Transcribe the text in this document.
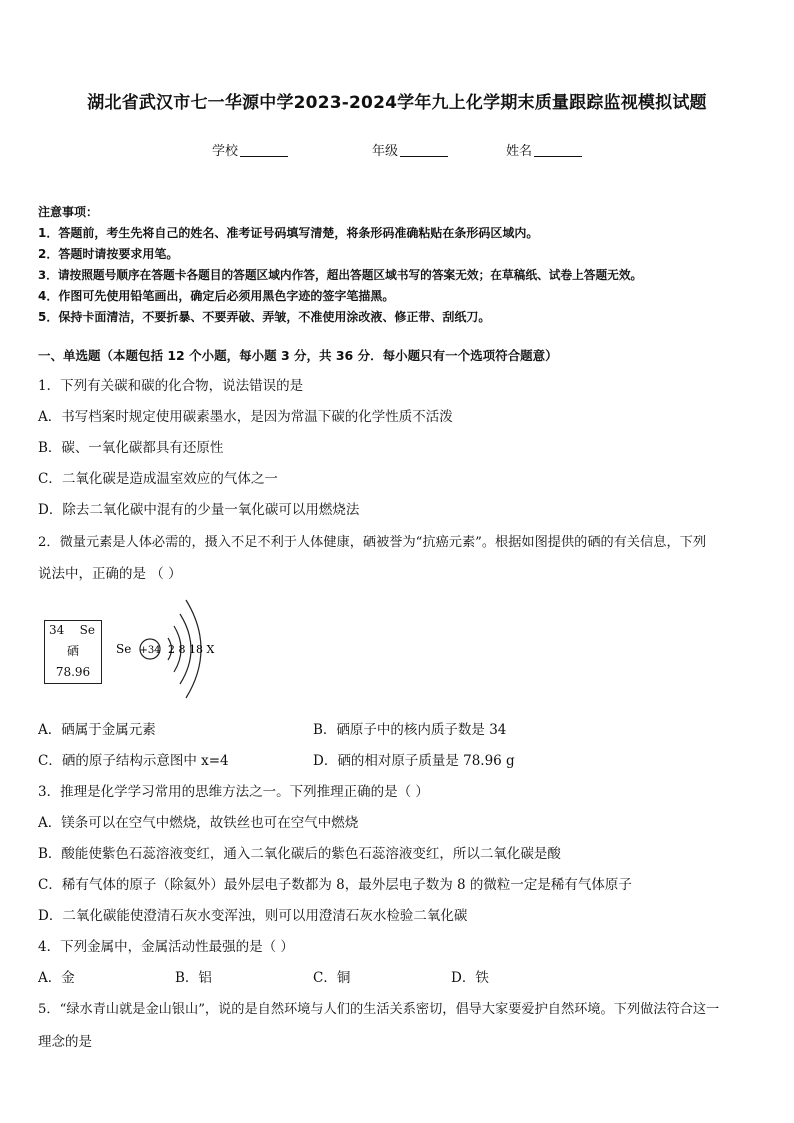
湖北省武汉市七一华源中学2023-2024学年九上化学期末质量跟踪监视模拟试题
学校	年级	姓名
注意事项：
1．答题前，考生先将自己的姓名、准考证号码填写清楚，将条形码准确粘贴在条形码区域内。
2．答题时请按要求用笔。
3．请按照题号顺序在答题卡各题目的答题区域内作答，超出答题区域书写的答案无效；在草稿纸、试卷上答题无效。
4．作图可先使用铅笔画出，确定后必须用黑色字迹的签字笔描黑。
5．保持卡面清洁，不要折暴、不要弄破、弄皱，不准使用涂改液、修正带、刮纸刀。
一、单选题（本题包括 12 个小题，每小题 3 分，共 36 分．每小题只有一个选项符合题意）
1．下列有关碳和碳的化合物，说法错误的是
A．书写档案时规定使用碳素墨水，是因为常温下碳的化学性质不活泼
B．碳、一氧化碳都具有还原性
C．二氧化碳是造成温室效应的气体之一
D．除去二氧化碳中混有的少量一氧化碳可以用燃烧法
2．微量元素是人体必需的，摄入不足不利于人体健康，硒被誉为“抗癌元素”。根据如图提供的硒的有关信息，下列
说法中，正确的是 （ ）
34 Se
硒
78.96
Se +34 2 8 18 X
A．硒属于金属元素	B．硒原子中的核内质子数是 34
C．硒的原子结构示意图中 x=4	D．硒的相对原子质量是 78.96 g
3．推理是化学学习常用的思维方法之一。下列推理正确的是（ ）
A．镁条可以在空气中燃烧，故铁丝也可在空气中燃烧
B．酸能使紫色石蕊溶液变红，通入二氧化碳后的紫色石蕊溶液变红，所以二氧化碳是酸
C．稀有气体的原子（除氦外）最外层电子数都为 8，最外层电子数为 8 的微粒一定是稀有气体原子
D．二氧化碳能使澄清石灰水变浑浊，则可以用澄清石灰水检验二氧化碳
4．下列金属中，金属活动性最强的是（ ）
A．金	B．铝	C．铜	D．铁
5．“绿水青山就是金山银山”，说的是自然环境与人们的生活关系密切，倡导大家要爱护自然环境。下列做法符合这一
理念的是
